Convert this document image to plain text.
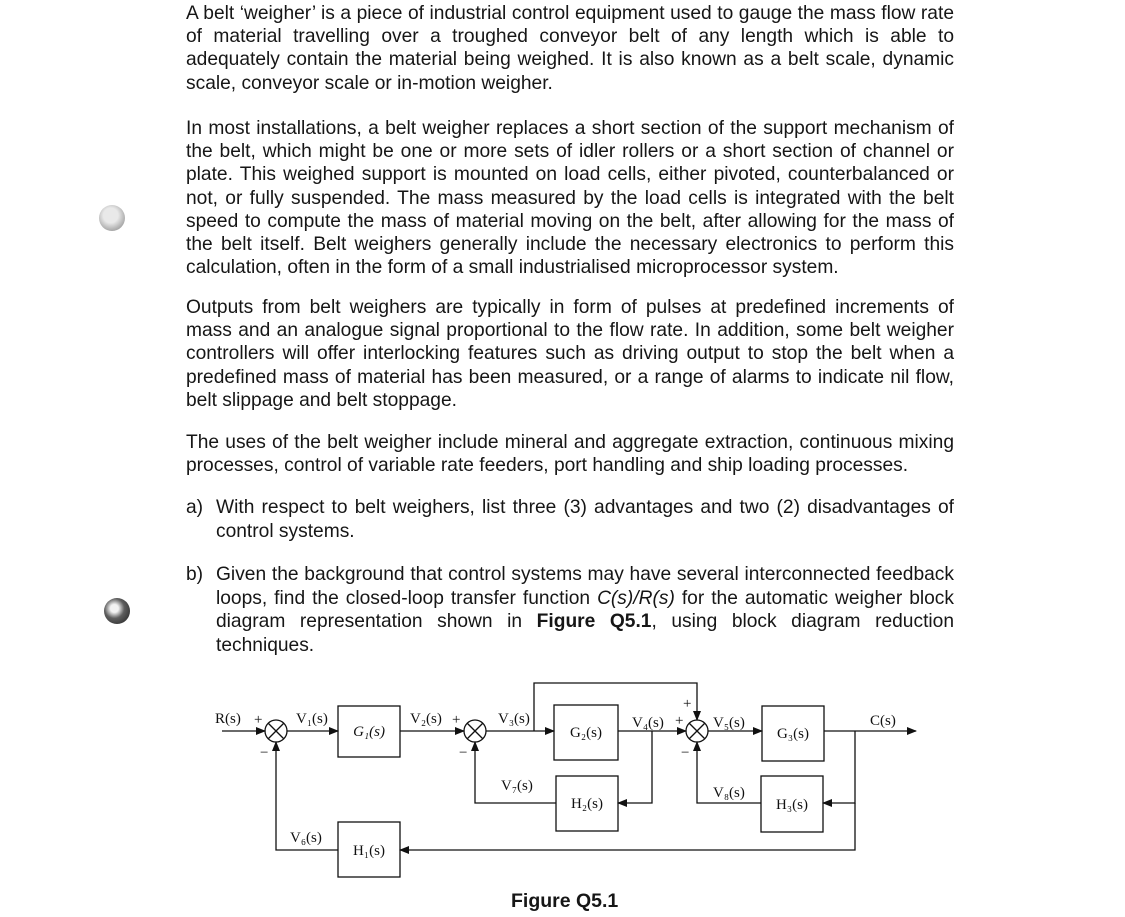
A belt ‘weigher’ is a piece of industrial control equipment used to gauge the mass flow rate of material travelling over a troughed conveyor belt of any length which is able to adequately contain the material being weighed. It is also known as a belt scale, dynamic scale, conveyor scale or in-motion weigher.

In most installations, a belt weigher replaces a short section of the support mechanism of the belt, which might be one or more sets of idler rollers or a short section of channel or plate. This weighed support is mounted on load cells, either pivoted, counterbalanced or not, or fully suspended. The mass measured by the load cells is integrated with the belt speed to compute the mass of material moving on the belt, after allowing for the mass of the belt itself. Belt weighers generally include the necessary electronics to perform this calculation, often in the form of a small industrialised microprocessor system.

Outputs from belt weighers are typically in form of pulses at predefined increments of mass and an analogue signal proportional to the flow rate. In addition, some belt weigher controllers will offer interlocking features such as driving output to stop the belt when a predefined mass of material has been measured, or a range of alarms to indicate nil flow, belt slippage and belt stoppage.

The uses of the belt weigher include mineral and aggregate extraction, continuous mixing processes, control of variable rate feeders, port handling and ship loading processes.

a) With respect to belt weighers, list three (3) advantages and two (2) disadvantages of control systems.
b) Given the background that control systems may have several interconnected feedback loops, find the closed-loop transfer function C(s)/R(s) for the automatic weigher block diagram representation shown in Figure Q5.1, using block diagram reduction techniques.
G₁(s)	G₂(s)	G₃(s)
H₂(s)	H₃(s)
H₁(s)
R(s)	V₁(s)	V₂(s)	V₃(s)	V₄(s)	V₅(s)	C(s)
V₇(s)	V₈(s)
V₆(s)
+
−
+
−
+
+
−
Figure Q5.1
